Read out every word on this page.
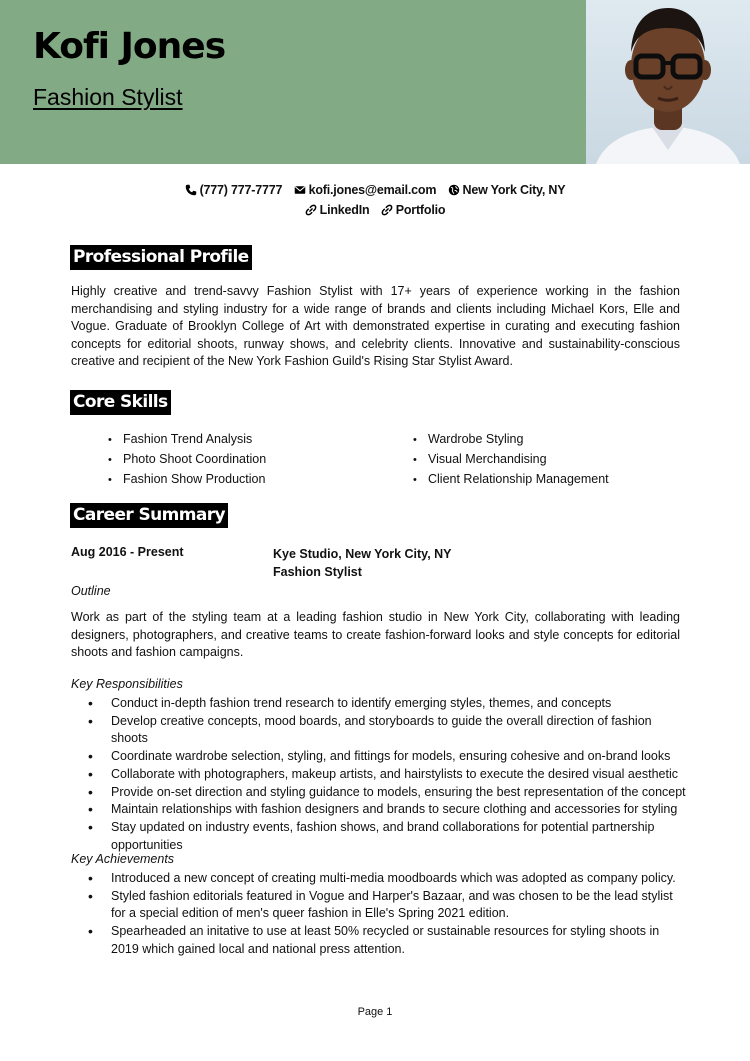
Kofi Jones
Fashion Stylist
(777) 777-7777 kofi.jones@email.com New York City, NY
LinkedIn Portfolio
Professional Profile
Highly creative and trend-savvy Fashion Stylist with 17+ years of experience working in the fashion merchandising and styling industry for a wide range of brands and clients including Michael Kors, Elle and Vogue. Graduate of Brooklyn College of Art with demonstrated expertise in curating and executing fashion concepts for editorial shoots, runway shows, and celebrity clients. Innovative and sustainability-conscious creative and recipient of the New York Fashion Guild's Rising Star Stylist Award.
Core Skills
• Fashion Trend Analysis
• Photo Shoot Coordination
• Fashion Show Production
• Wardrobe Styling
• Visual Merchandising
• Client Relationship Management
Career Summary
Aug 2016 - Present	Kye Studio, New York City, NY
Fashion Stylist
Outline
Work as part of the styling team at a leading fashion studio in New York City, collaborating with leading designers, photographers, and creative teams to create fashion-forward looks and style concepts for editorial shoots and fashion campaigns.
Key Responsibilities
• Conduct in-depth fashion trend research to identify emerging styles, themes, and concepts
• Develop creative concepts, mood boards, and storyboards to guide the overall direction of fashion shoots
• Coordinate wardrobe selection, styling, and fittings for models, ensuring cohesive and on-brand looks
• Collaborate with photographers, makeup artists, and hairstylists to execute the desired visual aesthetic
• Provide on-set direction and styling guidance to models, ensuring the best representation of the concept
• Maintain relationships with fashion designers and brands to secure clothing and accessories for styling
• Stay updated on industry events, fashion shows, and brand collaborations for potential partnership opportunities
Key Achievements
• Introduced a new concept of creating multi-media moodboards which was adopted as company policy.
• Styled fashion editorials featured in Vogue and Harper's Bazaar, and was chosen to be the lead stylist for a special edition of men's queer fashion in Elle's Spring 2021 edition.
• Spearheaded an initative to use at least 50% recycled or sustainable resources for styling shoots in 2019 which gained local and national press attention.
Page 1
